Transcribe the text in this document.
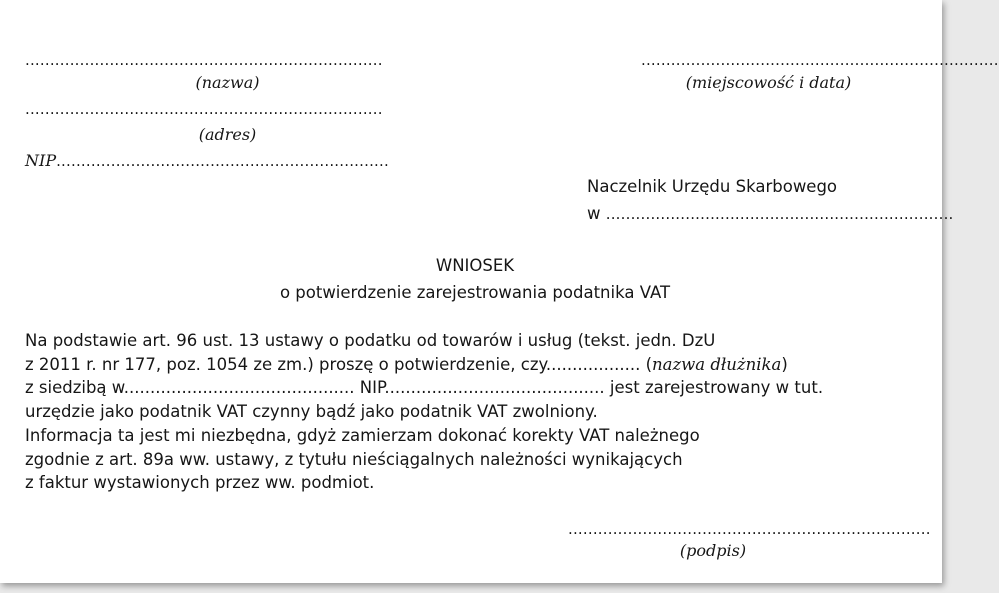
........................................................................
(nazwa)
........................................................................
(adres)
NIP...................................................................
........................................................................
(miejscowość i data)
Naczelnik Urzędu Skarbowego
w ......................................................................
WNIOSEK
o potwierdzenie zarejestrowania podatnika VAT
Na podstawie art. 96 ust. 13 ustawy o podatku od towarów i usług (tekst. jedn. DzU
z 2011 r. nr 177, poz. 1054 ze zm.) proszę o potwierdzenie, czy.................. (nazwa dłużnika)
z siedzibą w............................................ NIP.......................................... jest zarejestrowany w tut.
urzędzie jako podatnik VAT czynny bądź jako podatnik VAT zwolniony.
Informacja ta jest mi niezbędna, gdyż zamierzam dokonać korekty VAT należnego
zgodnie z art. 89a ww. ustawy, z tytułu nieściągalnych należności wynikających
z faktur wystawionych przez ww. podmiot.
.........................................................................
(podpis)
